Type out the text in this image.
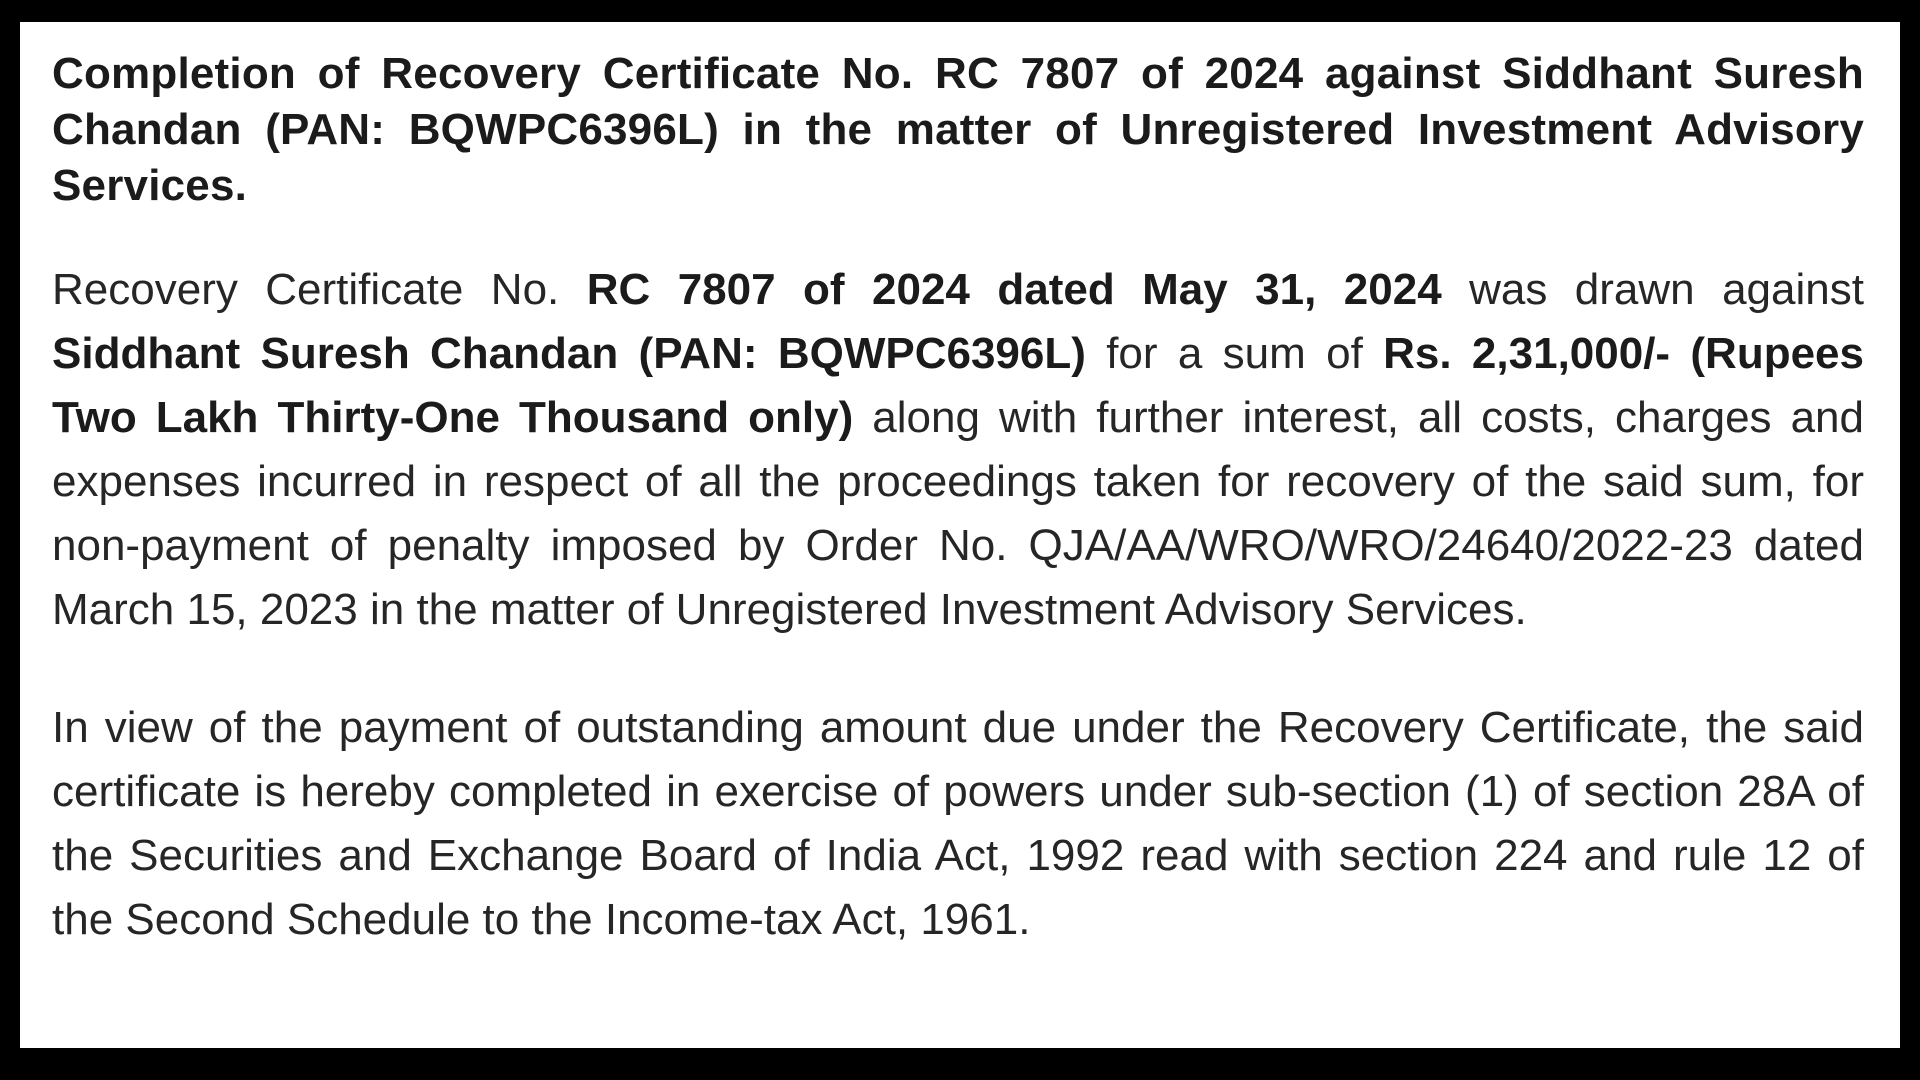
Completion of Recovery Certificate No. RC 7807 of 2024 against Siddhant Suresh Chandan (PAN: BQWPC6396L) in the matter of Unregistered Investment Advisory Services.

Recovery Certificate No. RC 7807 of 2024 dated May 31, 2024 was drawn against Siddhant Suresh Chandan (PAN: BQWPC6396L) for a sum of Rs. 2,31,000/- (Rupees Two Lakh Thirty-One Thousand only) along with further interest, all costs, charges and expenses incurred in respect of all the proceedings taken for recovery of the said sum, for non-payment of penalty imposed by Order No. QJA/AA/WRO/WRO/24640/2022-23 dated March 15, 2023 in the matter of Unregistered Investment Advisory Services.

In view of the payment of outstanding amount due under the Recovery Certificate, the said certificate is hereby completed in exercise of powers under sub-section (1) of section 28A of the Securities and Exchange Board of India Act, 1992 read with section 224 and rule 12 of the Second Schedule to the Income-tax Act, 1961.
